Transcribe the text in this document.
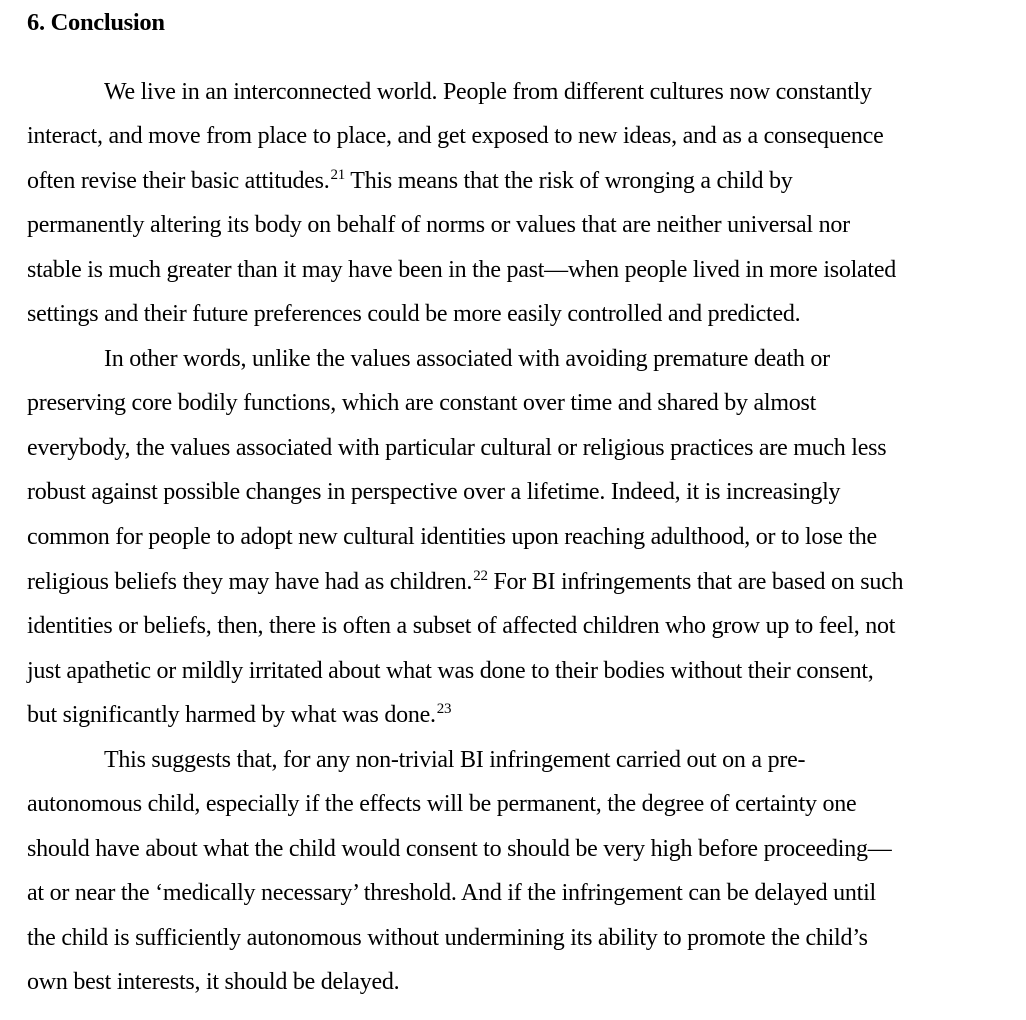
6. Conclusion

We live in an interconnected world. People from different cultures now constantly

interact, and move from place to place, and get exposed to new ideas, and as a consequence

often revise their basic attitudes.$^{21}$ This means that the risk of wronging a child by

permanently altering its body on behalf of norms or values that are neither universal nor

stable is much greater than it may have been in the past—when people lived in more isolated

settings and their future preferences could be more easily controlled and predicted.

In other words, unlike the values associated with avoiding premature death or

preserving core bodily functions, which are constant over time and shared by almost

everybody, the values associated with particular cultural or religious practices are much less

robust against possible changes in perspective over a lifetime. Indeed, it is increasingly

common for people to adopt new cultural identities upon reaching adulthood, or to lose the

religious beliefs they may have had as children.$^{22}$ For BI infringements that are based on such

identities or beliefs, then, there is often a subset of affected children who grow up to feel, not

just apathetic or mildly irritated about what was done to their bodies without their consent,

but significantly harmed by what was done.$^{23}$

This suggests that, for any non-trivial BI infringement carried out on a pre-

autonomous child, especially if the effects will be permanent, the degree of certainty one

should have about what the child would consent to should be very high before proceeding—

at or near the ‘medically necessary’ threshold. And if the infringement can be delayed until

the child is sufficiently autonomous without undermining its ability to promote the child’s

own best interests, it should be delayed.
